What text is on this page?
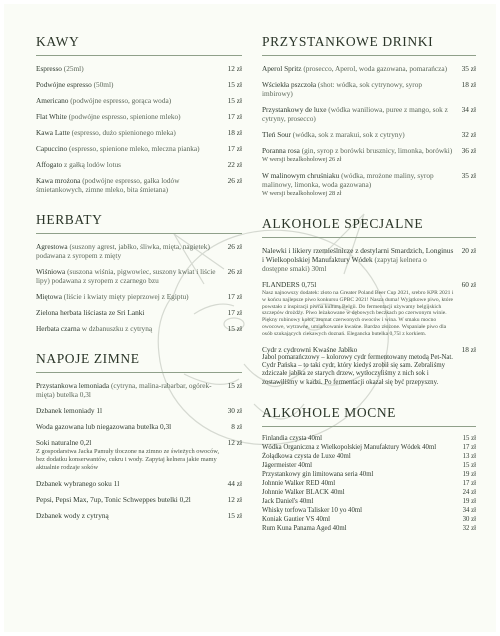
KAWY
Espresso (25ml)	12 zł
Podwójne espresso (50ml)	15 zł
Americano (podwójne espresso, gorąca woda)	15 zł
Flat White (podwójne espresso, spienione mleko)	17 zł
Kawa Latte (espresso, dużo spienionego mleka)	18 zł
Capuccino (espresso, spienione mleko, mleczna pianka)	17 zł
Affogato z gałką lodów lotus	22 zł
Kawa mrożona (podwójne espresso, gałka lodów śmietankowych, zimne mleko, bita śmietana)
26 zł
HERBATY
Agrestowa (suszony agrest, jabłko, śliwka, mięta, nagietek) podawana z syropem z mięty
26 zł
Wiśniowa (suszona wiśnia, pigwowiec, suszony kwiat i liście lipy) podawana z syropem z czarnego bzu
26 zł
Miętowa (liście i kwiaty mięty pieprzowej z Egiptu)	17 zł
Zielona herbata liściasta ze Sri Lanki	17 zł
Herbata czarna w dzbanuszku z cytryną	15 zł
NAPOJE ZIMNE
Przystankowa lemoniada (cytryna, malina-rabarbar, ogórek-mięta) butelka 0,3l
15 zł
Dzbanek lemoniady 1l	30 zł
Woda gazowana lub niegazowana butelka 0,3l	8 zł
Soki naturalne 0,2l
Z gospodarstwa Jacka Pamuły tłoczone na zimno ze świeżych owoców, bez dodatku konserwantów, cukru i wody. Zapytaj kelnera jakie mamy aktualnie rodzaje soków
12 zł
Dzbanek wybranego soku 1l	44 zł
Pepsi, Pepsi Max, 7up, Tonic Schweppes butelki 0,2l	12 zł
Dzbanek wody z cytryną	15 zł
PRZYSTANKOWE DRINKI
Aperol Spritz (prosecco, Aperol, woda gazowana, pomarańcza)	35 zł
Wściekła pszczoła (shot: wódka, sok cytrynowy, syrop imbirowy)
18 zł
Przystankowy de luxe (wódka waniliowa, puree z mango, sok z cytryny, prosecco)
34 zł
Tleń Sour (wódka, sok z marakui, sok z cytryny)	32 zł
Poranna rosa (gin, syrop z borówki brusznicy, limonka, borówki)
W wersji bezalkoholowej 26 zł
36 zł
W malinowym chruśniaku (wódka, mrożone maliny, syrop malinowy, limonka, woda gazowana)
W wersji bezalkoholowej 28 zł
35 zł
ALKOHOLE SPECJALNE
Nalewki i likiery rzemieślnicze z destylarni Smardzich, Longinus i Wielkopolskiej Manufaktury Wódek (zapytaj kelnera o dostępne smaki) 30ml
20 zł
FLANDERS 0,75l
Nasz najnowszy dodatek: złoto na Greater Poland Beer Cup 2021, srebro KPR 2021 i w końcu najlepsze piwo konkursu GPBC 2021! Nasza duma! Wyjątkowe piwo, które powstało z inspiracji piwna kulturą Belgii. Do fermentacji używamy belgijskich szczepów drożdży. Piwo leżakowane w dębowych beczkach po czerwonym winie. Piękny rubinowy kolor, aromat czerwonych owoców i wina. W smaku mocno owocowe, wytrawne, umiarkowanie kwaśne. Bardzo złożone. Wspaniałe piwo dla osób szukających ciekawych doznań. Elegancka butelka 0,75l z korkiem.
60 zł
Cydr z cydrowni Kwaśne Jabłko
Jabol pomarańczowy – kolorowy cydr fermentowany metodą Pet-Nat. Cydr Pańska – to taki cydr, który kiedyś zrobił się sam. Zebraliśmy zdziczałe jabłka ze starych drzew, wytłoczyliśmy z nich sok i zostawiliśmy w kadzi. Po fermentacji okazał się być przepyszny.
18 zł
ALKOHOLE MOCNE
Finlandia czysta 40ml	15 zł
Wódka Organiczna z Wielkopolskiej Manufaktury Wódek 40ml	17 zł
Żołądkowa czysta de Luxe 40ml	13 zł
Jägermeister 40ml	15 zł
Przystankowy gin limitowana seria 40ml	19 zł
Johnnie Walker RED 40ml	17 zł
Johnnie Walker BLACK 40ml	24 zł
Jack Daniel's 40ml	19 zł
Whisky torfowa Talisker 10 yo 40ml	34 zł
Koniak Gautier VS 40ml	30 zł
Rum Kuna Panama Aged 40ml	32 zł
